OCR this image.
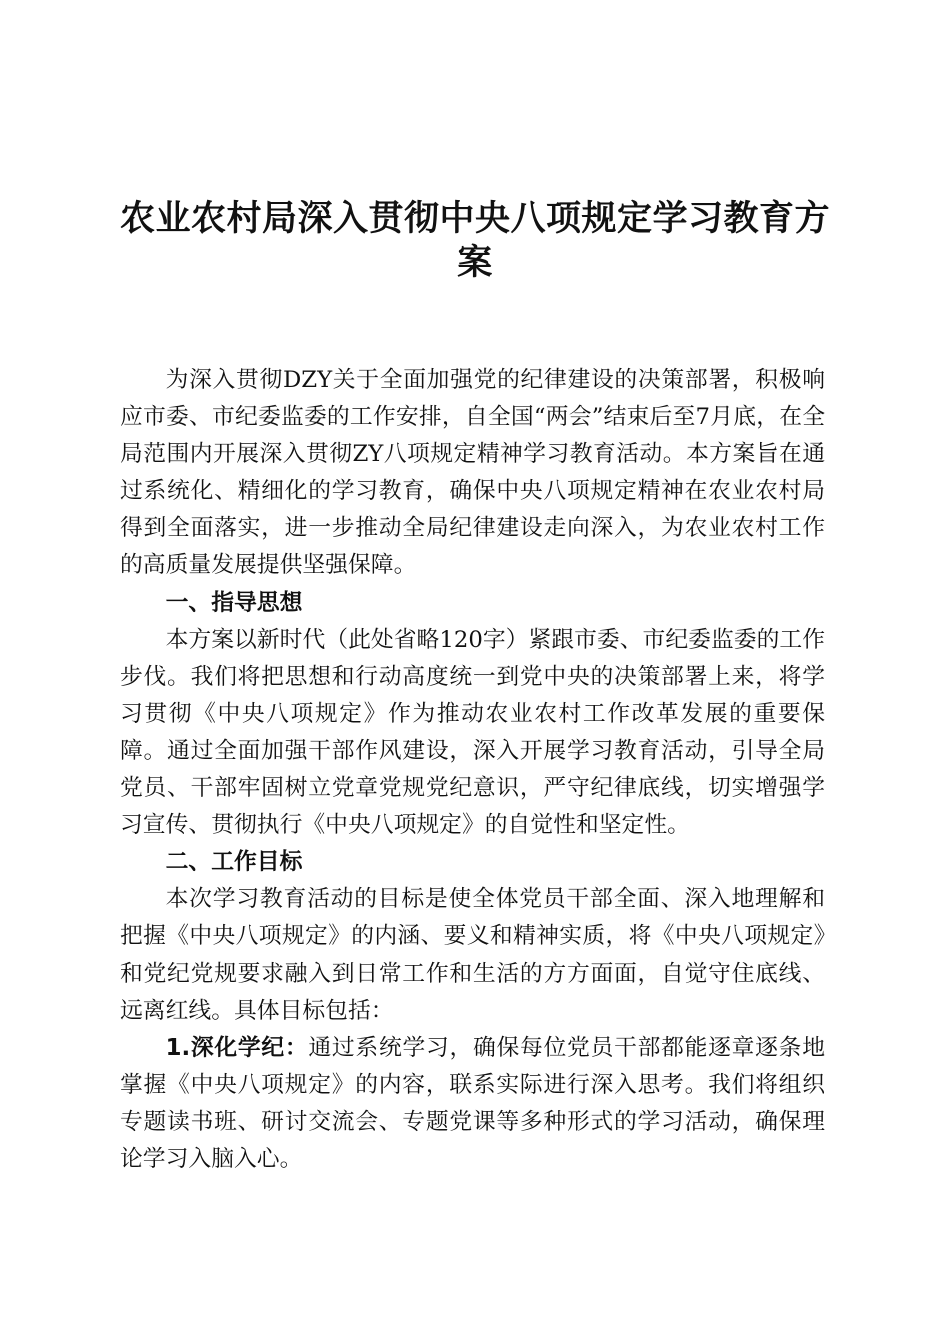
农业农村局深入贯彻中央八项规定学习教育方
案

为深入贯彻DZY关于全面加强党的纪律建设的决策部署，积极响应市委、市纪委监委的工作安排，自全国“两会”结束后至7月底，在全局范围内开展深入贯彻ZY八项规定精神学习教育活动。本方案旨在通过系统化、精细化的学习教育，确保中央八项规定精神在农业农村局得到全面落实，进一步推动全局纪律建设走向深入，为农业农村工作的高质量发展提供坚强保障。

一、指导思想

本方案以新时代（此处省略120字）紧跟市委、市纪委监委的工作步伐。我们将把思想和行动高度统一到党中央的决策部署上来，将学习贯彻《中央八项规定》作为推动农业农村工作改革发展的重要保障。通过全面加强干部作风建设，深入开展学习教育活动，引导全局党员、干部牢固树立党章党规党纪意识，严守纪律底线，切实增强学习宣传、贯彻执行《中央八项规定》的自觉性和坚定性。

二、工作目标

本次学习教育活动的目标是使全体党员干部全面、深入地理解和把握《中央八项规定》的内涵、要义和精神实质，将《中央八项规定》和党纪党规要求融入到日常工作和生活的方方面面，自觉守住底线、远离红线。具体目标包括：

1.深化学纪：通过系统学习，确保每位党员干部都能逐章逐条地掌握《中央八项规定》的内容，联系实际进行深入思考。我们将组织专题读书班、研讨交流会、专题党课等多种形式的学习活动，确保理论学习入脑入心。
